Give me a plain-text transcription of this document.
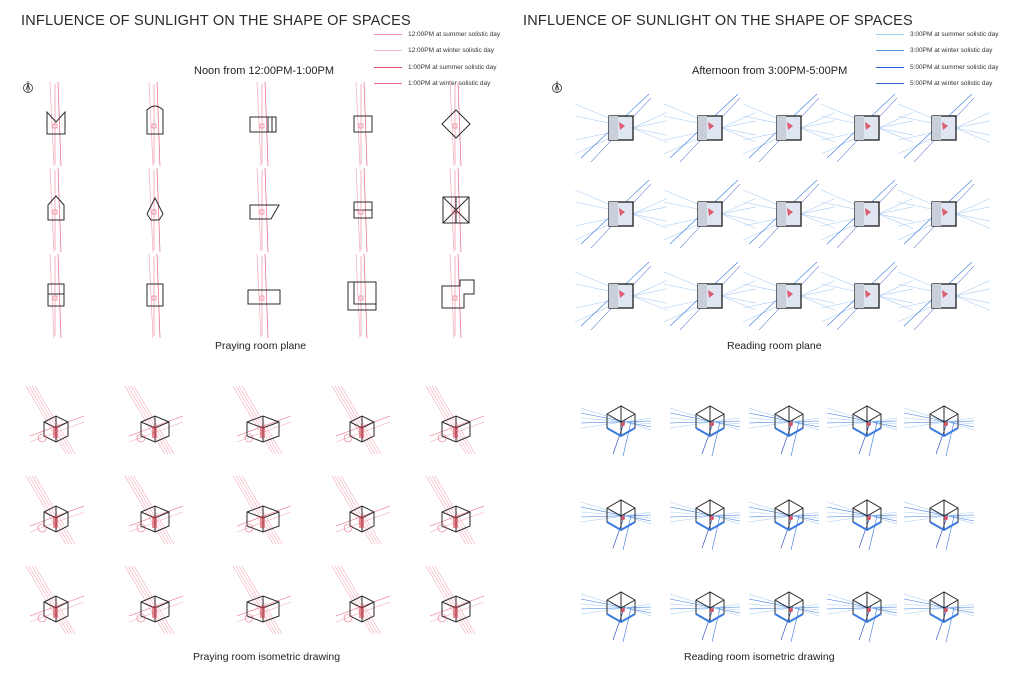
INFLUENCE OF SUNLIGHT ON THE SHAPE OF SPACES
12:00PM at summer solistic day
12:00PM at winter solistic day
1:00PM at summer solistic day
1:00PM at winter solistic day
Noon from 12:00PM-1:00PM
Praying room plane
Praying room isometric drawing
INFLUENCE OF SUNLIGHT ON THE SHAPE OF SPACES
3:00PM at summer solistic day
3:00PM at winter solistic day
5:00PM at summer solistic day
5:00PM at winter solistic day
Afternoon from 3:00PM-5:00PM
Reading room plane
Reading room isometric drawing
